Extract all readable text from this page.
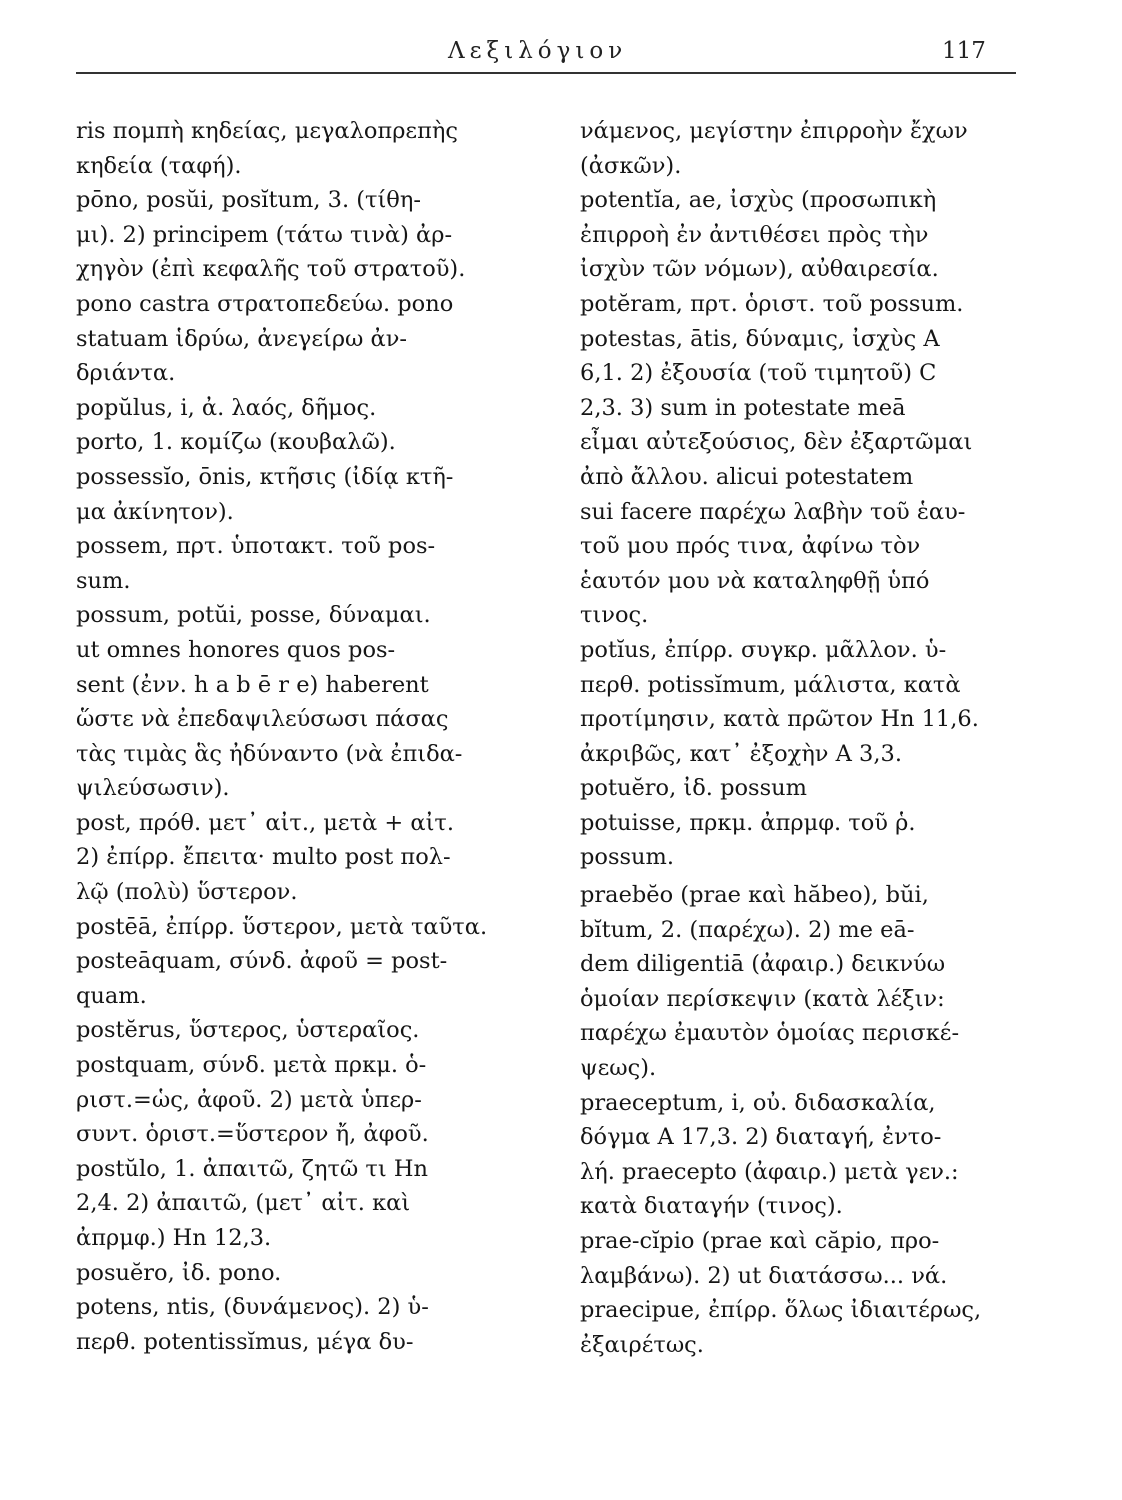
Λεξιλόγιον	117
ris πομπὴ κηδείας, μεγαλοπρεπὴς
κηδεία (ταφή).
pōno, posŭi, posĭtum, 3. (τίθη-
μι). 2) principem (τάτω τινὰ) ἀρ-
χηγὸν (ἐπὶ κεφαλῆς τοῦ στρατοῦ).
pono castra στρατοπεδεύω. pono
statuam ἱδρύω, ἀνεγείρω ἀν-
δριάντα.
popŭlus, i, ἀ. λαός, δῆμος.
porto, 1. κομίζω (κουβαλῶ).
possessĭo, ōnis, κτῆσις (ἰδίᾳ κτῆ-
μα ἀκίνητον).
possem, πρτ. ὑποτακτ. τοῦ pos-
sum.
possum, potŭi, posse, δύναμαι.
ut omnes honores quos pos-
sent (ἐνν. h a b ē r e) haberent
ὥστε νὰ ἐπεδαψιλεύσωσι πάσας
τὰς τιμὰς ἃς ἠδύναντο (νὰ ἐπιδα-
ψιλεύσωσιν).
post, πρόθ. μετ᾿ αἰτ., μετὰ + αἰτ.
2) ἐπίρρ. ἔπειτα· multo post πολ-
λῷ (πολὺ) ὕστερον.
postēā, ἐπίρρ. ὕστερον, μετὰ ταῦτα.
posteāquam, σύνδ. ἀφοῦ = post-
quam.
postĕrus, ὕστερος, ὑστεραῖος.
postquam, σύνδ. μετὰ πρκμ. ὁ-
ριστ.=ὡς, ἀφοῦ. 2) μετὰ ὑπερ-
συντ. ὁριστ.=ὕστερον ἤ, ἀφοῦ.
postŭlo, 1. ἀπαιτῶ, ζητῶ τι Hn
2,4. 2) ἀπαιτῶ, (μετ᾿ αἰτ. καὶ
ἀπρμφ.) Hn 12,3.
posuĕro, ἰδ. pono.
potens, ntis, (δυνάμενος). 2) ὑ-
περθ. potentissĭmus, μέγα δυ-
νάμενος, μεγίστην ἐπιρροὴν ἔχων
(ἀσκῶν).
potentĭa, ae, ἰσχὺς (προσωπικὴ
ἐπιρροὴ ἐν ἀντιθέσει πρὸς τὴν
ἰσχὺν τῶν νόμων), αὐθαιρεσία.
potĕram, πρτ. ὁριστ. τοῦ possum.
potestas, ātis, δύναμις, ἰσχὺς A
6,1. 2) ἐξουσία (τοῦ τιμητοῦ) C
2,3. 3) sum in potestate meā
εἶμαι αὐτεξούσιος, δὲν ἐξαρτῶμαι
ἀπὸ ἄλλου. alicui potestatem
sui facere παρέχω λαβὴν τοῦ ἑαυ-
τοῦ μου πρός τινα, ἀφίνω τὸν
ἑαυτόν μου νὰ καταληφθῇ ὑπό
τινος.
potĭus, ἐπίρρ. συγκρ. μᾶλλον. ὑ-
περθ. potissĭmum, μάλιστα, κατὰ
προτίμησιν, κατὰ πρῶτον Hn 11,6.
ἀκριβῶς, κατ᾿ ἐξοχὴν A 3,3.
potuĕro, ἰδ. possum
potuisse, πρκμ. ἀπρμφ. τοῦ ῥ.
possum.
praebĕo (prae καὶ hăbeo), bŭi,
bĭtum, 2. (παρέχω). 2) me eā-
dem diligentiā (ἀφαιρ.) δεικνύω
ὁμοίαν περίσκεψιν (κατὰ λέξιν:
παρέχω ἐμαυτὸν ὁμοίας περισκέ-
ψεως).
praeceptum, i, οὐ. διδασκαλία,
δόγμα A 17,3. 2) διαταγή, ἐντο-
λή. praecepto (ἀφαιρ.) μετὰ γεν.:
κατὰ διαταγήν (τινος).
prae-cĭpio (prae καὶ căpio, προ-
λαμβάνω). 2) ut διατάσσω... νά.
praecipue, ἐπίρρ. ὅλως ἰδιαιτέρως,
ἐξαιρέτως.
